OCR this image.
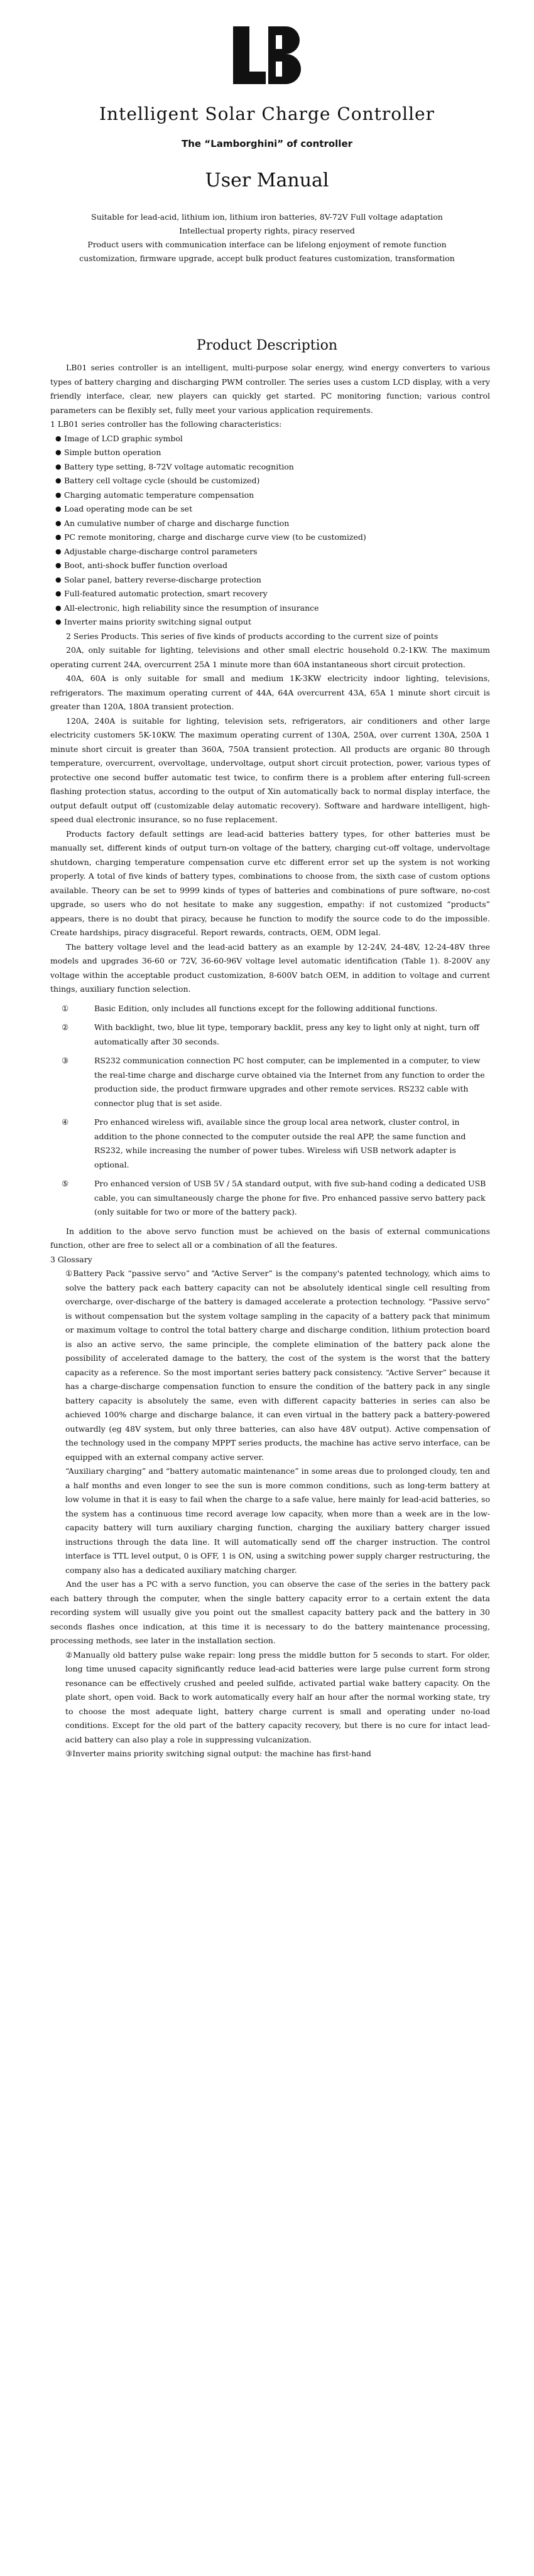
Intelligent Solar Charge Controller
The “Lamborghini” of controller
User Manual
Suitable for lead-acid, lithium ion, lithium iron batteries, 8V-72V Full voltage adaptation
Intellectual property rights, piracy reserved
Product users with communication interface can be lifelong enjoyment of remote function
customization, firmware upgrade, accept bulk product features customization, transformation
Product Description

LB01 series controller is an intelligent, multi-purpose solar energy, wind energy converters to various types of battery charging and discharging PWM controller. The series uses a custom LCD display, with a very friendly interface, clear, new players can quickly get started. PC monitoring function; various control parameters can be flexibly set, fully meet your various application requirements.

1 LB01 series controller has the following characteristics:

● Image of LCD graphic symbol
● Simple button operation
● Battery type setting, 8-72V voltage automatic recognition
● Battery cell voltage cycle (should be customized)
● Charging automatic temperature compensation
● Load operating mode can be set
● An cumulative number of charge and discharge function
● PC remote monitoring, charge and discharge curve view (to be customized)
● Adjustable charge-discharge control parameters
● Boot, anti-shock buffer function overload
● Solar panel, battery reverse-discharge protection
● Full-featured automatic protection, smart recovery
● All-electronic, high reliability since the resumption of insurance
● Inverter mains priority switching signal output

2 Series Products. This series of five kinds of products according to the current size of points

20A, only suitable for lighting, televisions and other small electric household 0.2-1KW. The maximum operating current 24A, overcurrent 25A 1 minute more than 60A instantaneous short circuit protection.

40A, 60A is only suitable for small and medium 1K-3KW electricity indoor lighting, televisions, refrigerators. The maximum operating current of 44A, 64A overcurrent 43A, 65A 1 minute short circuit is greater than 120A, 180A transient protection.

120A, 240A is suitable for lighting, television sets, refrigerators, air conditioners and other large electricity customers 5K-10KW. The maximum operating current of 130A, 250A, over current 130A, 250A 1 minute short circuit is greater than 360A, 750A transient protection. All products are organic 80 through temperature, overcurrent, overvoltage, undervoltage, output short circuit protection, power, various types of protective one second buffer automatic test twice, to confirm there is a problem after entering full-screen flashing protection status, according to the output of Xin automatically back to normal display interface, the output default output off (customizable delay automatic recovery). Software and hardware intelligent, high-speed dual electronic insurance, so no fuse replacement.

Products factory default settings are lead-acid batteries battery types, for other batteries must be manually set, different kinds of output turn-on voltage of the battery, charging cut-off voltage, undervoltage shutdown, charging temperature compensation curve etc different error set up the system is not working properly. A total of five kinds of battery types, combinations to choose from, the sixth case of custom options available. Theory can be set to 9999 kinds of types of batteries and combinations of pure software, no-cost upgrade, so users who do not hesitate to make any suggestion, empathy: if not customized “products” appears, there is no doubt that piracy, because he function to modify the source code to do the impossible. Create hardships, piracy disgraceful. Report rewards, contracts, OEM, ODM legal.

The battery voltage level and the lead-acid battery as an example by 12-24V, 24-48V, 12-24-48V three models and upgrades 36-60 or 72V, 36-60-96V voltage level automatic identification (Table 1). 8-200V any voltage within the acceptable product customization, 8-600V batch OEM, in addition to voltage and current things, auxiliary function selection.

①	Basic Edition, only includes all functions except for the following additional functions.
②	With backlight, two, blue lit type, temporary backlit, press any key to light only at night, turn off automatically after 30 seconds.
③	RS232 communication connection PC host computer, can be implemented in a computer, to view the real-time charge and discharge curve obtained via the Internet from any function to order the production side, the product firmware upgrades and other remote services. RS232 cable with connector plug that is set aside.
④	Pro enhanced wireless wifi, available since the group local area network, cluster control, in addition to the phone connected to the computer outside the real APP, the same function and RS232, while increasing the number of power tubes. Wireless wifi USB network adapter is optional.
⑤	Pro enhanced version of USB 5V / 5A standard output, with five sub-hand coding a dedicated USB cable, you can simultaneously charge the phone for five. Pro enhanced passive servo battery pack (only suitable for two or more of the battery pack).

In addition to the above servo function must be achieved on the basis of external communications function, other are free to select all or a combination of all the features.

3 Glossary

①Battery Pack “passive servo” and “Active Server” is the company's patented technology, which aims to solve the battery pack each battery capacity can not be absolutely identical single cell resulting from overcharge, over-discharge of the battery is damaged accelerate a protection technology. “Passive servo” is without compensation but the system voltage sampling in the capacity of a battery pack that minimum or maximum voltage to control the total battery charge and discharge condition, lithium protection board is also an active servo, the same principle, the complete elimination of the battery pack alone the possibility of accelerated damage to the battery, the cost of the system is the worst that the battery capacity as a reference. So the most important series battery pack consistency. “Active Server” because it has a charge-discharge compensation function to ensure the condition of the battery pack in any single battery capacity is absolutely the same, even with different capacity batteries in series can also be achieved 100% charge and discharge balance, it can even virtual in the battery pack a battery-powered outwardly (eg 48V system, but only three batteries, can also have 48V output). Active compensation of the technology used in the company MPPT series products, the machine has active servo interface, can be equipped with an external company active server.

“Auxiliary charging” and “battery automatic maintenance” in some areas due to prolonged cloudy, ten and a half months and even longer to see the sun is more common conditions, such as long-term battery at low volume in that it is easy to fail when the charge to a safe value, here mainly for lead-acid batteries, so the system has a continuous time record average low capacity, when more than a week are in the low-capacity battery will turn auxiliary charging function, charging the auxiliary battery charger issued instructions through the data line. It will automatically send off the charger instruction. The control interface is TTL level output, 0 is OFF, 1 is ON, using a switching power supply charger restructuring, the company also has a dedicated auxiliary matching charger.

And the user has a PC with a servo function, you can observe the case of the series in the battery pack each battery through the computer, when the single battery capacity error to a certain extent the data recording system will usually give you point out the smallest capacity battery pack and the battery in 30 seconds flashes once indication, at this time it is necessary to do the battery maintenance processing, processing methods, see later in the installation section.

②Manually old battery pulse wake repair: long press the middle button for 5 seconds to start. For older, long time unused capacity significantly reduce lead-acid batteries were large pulse current form strong resonance can be effectively crushed and peeled sulfide, activated partial wake battery capacity. On the plate short, open void. Back to work automatically every half an hour after the normal working state, try to choose the most adequate light, battery charge current is small and operating under no-load conditions. Except for the old part of the battery capacity recovery, but there is no cure for intact lead-acid battery can also play a role in suppressing vulcanization.

③Inverter mains priority switching signal output: the machine has first-hand
